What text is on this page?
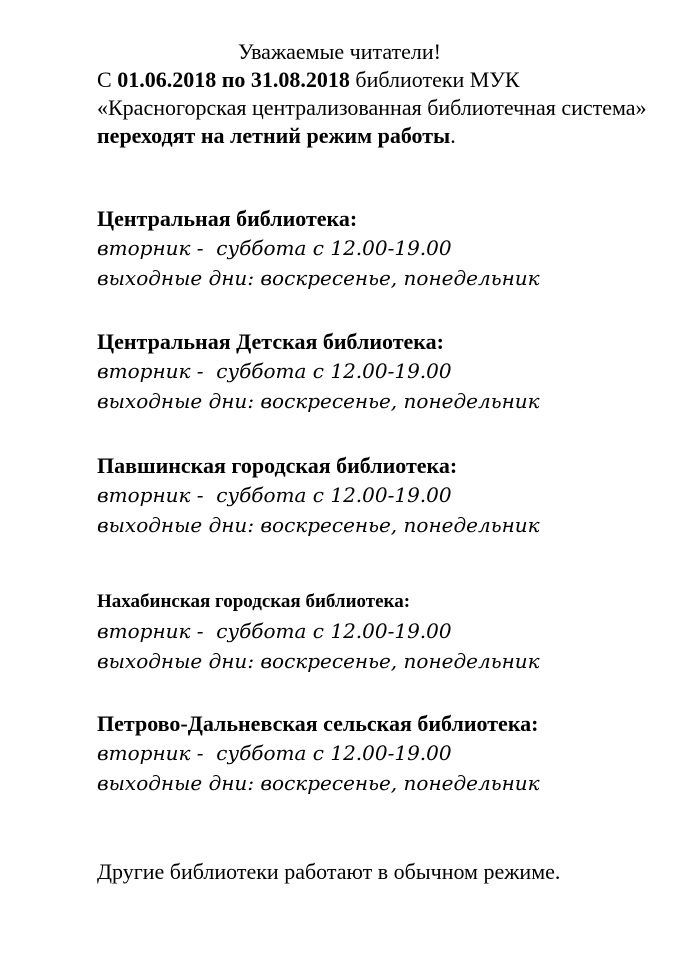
Уважаемые читатели!
С 01.06.2018 по 31.08.2018 библиотеки МУК «Красногорская централизованная библиотечная система» переходят на летний режим работы.
Центральная библиотека:
вторник -  суббота с 12.00-19.00
выходные дни: воскресенье, понедельник
Центральная Детская библиотека:
вторник -  суббота с 12.00-19.00
выходные дни: воскресенье, понедельник
Павшинская городская библиотека:
вторник -  суббота с 12.00-19.00
выходные дни: воскресенье, понедельник
Нахабинская городская библиотека:
вторник -  суббота с 12.00-19.00
выходные дни: воскресенье, понедельник
Петрово-Дальневская сельская библиотека:
вторник -  суббота с 12.00-19.00
выходные дни: воскресенье, понедельник
Другие библиотеки работают в обычном режиме.
